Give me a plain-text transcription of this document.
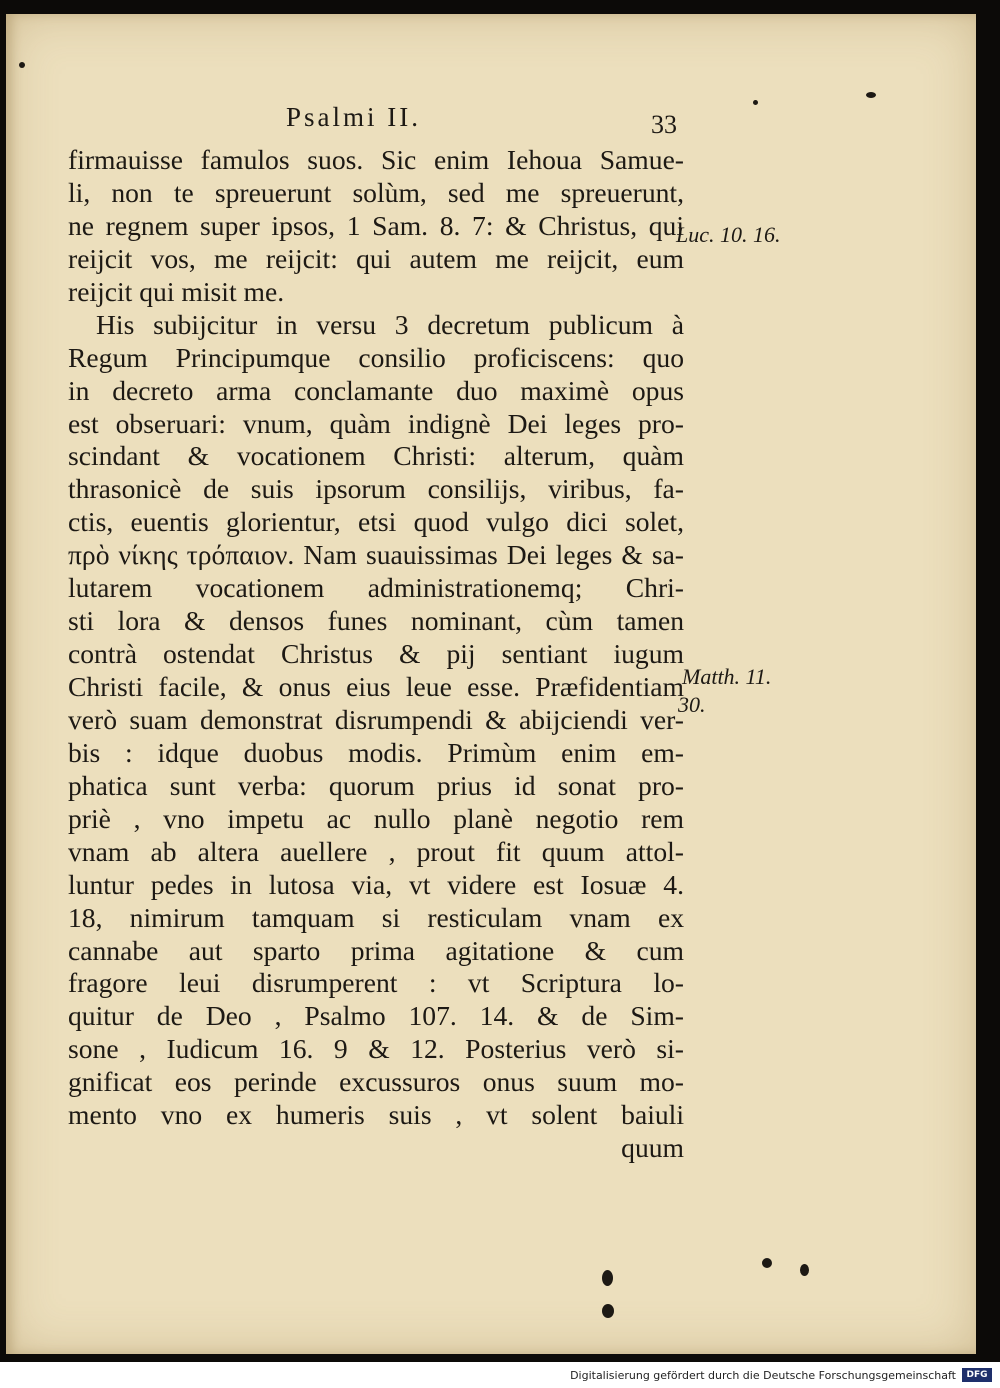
Psalmi II.	33
firmauisse famulos suos. Sic enim Iehoua Samue-
li, non te spreuerunt solùm, sed me spreuerunt,
ne regnem super ipsos, 1 Sam. 8. 7: & Christus, qui
reijcit vos, me reijcit: qui autem me reijcit, eum
reijcit qui misit me.
His subijcitur in versu 3 decretum publicum à
Regum Principumque consilio proficiscens: quo
in decreto arma conclamante duo maximè opus
est obseruari: vnum, quàm indignè Dei leges pro-
scindant & vocationem Christi: alterum, quàm
thrasonicè de suis ipsorum consilijs, viribus, fa-
ctis, euentis glorientur, etsi quod vulgo dici solet,
πρὸ νίκης τρόπαιον. Nam suauissimas Dei leges & sa-
lutarem vocationem administrationemq; Chri-
sti lora & densos funes nominant, cùm tamen
contrà ostendat Christus & pij sentiant iugum
Christi facile, & onus eius leue esse. Præfidentiam
verò suam demonstrat disrumpendi & abijciendi ver-
bis : idque duobus modis. Primùm enim em-
phatica sunt verba: quorum prius id sonat pro-
priè , vno impetu ac nullo planè negotio rem
vnam ab altera auellere , prout fit quum attol-
luntur pedes in lutosa via, vt videre est Iosuæ 4.
18, nimirum tamquam si resticulam vnam ex
cannabe aut sparto prima agitatione & cum
fragore leui disrumperent : vt Scriptura lo-
quitur de Deo , Psalmo 107. 14. & de Sim-
sone , Iudicum 16. 9 & 12. Posterius verò si-
gnificat eos perinde excussuros onus suum mo-
mento vno ex humeris suis , vt solent baiuli
quum
Luc. 10. 16.
Matth. 11.
30.
Digitalisierung gefördert durch die Deutsche Forschungsgemeinschaft	DFG
